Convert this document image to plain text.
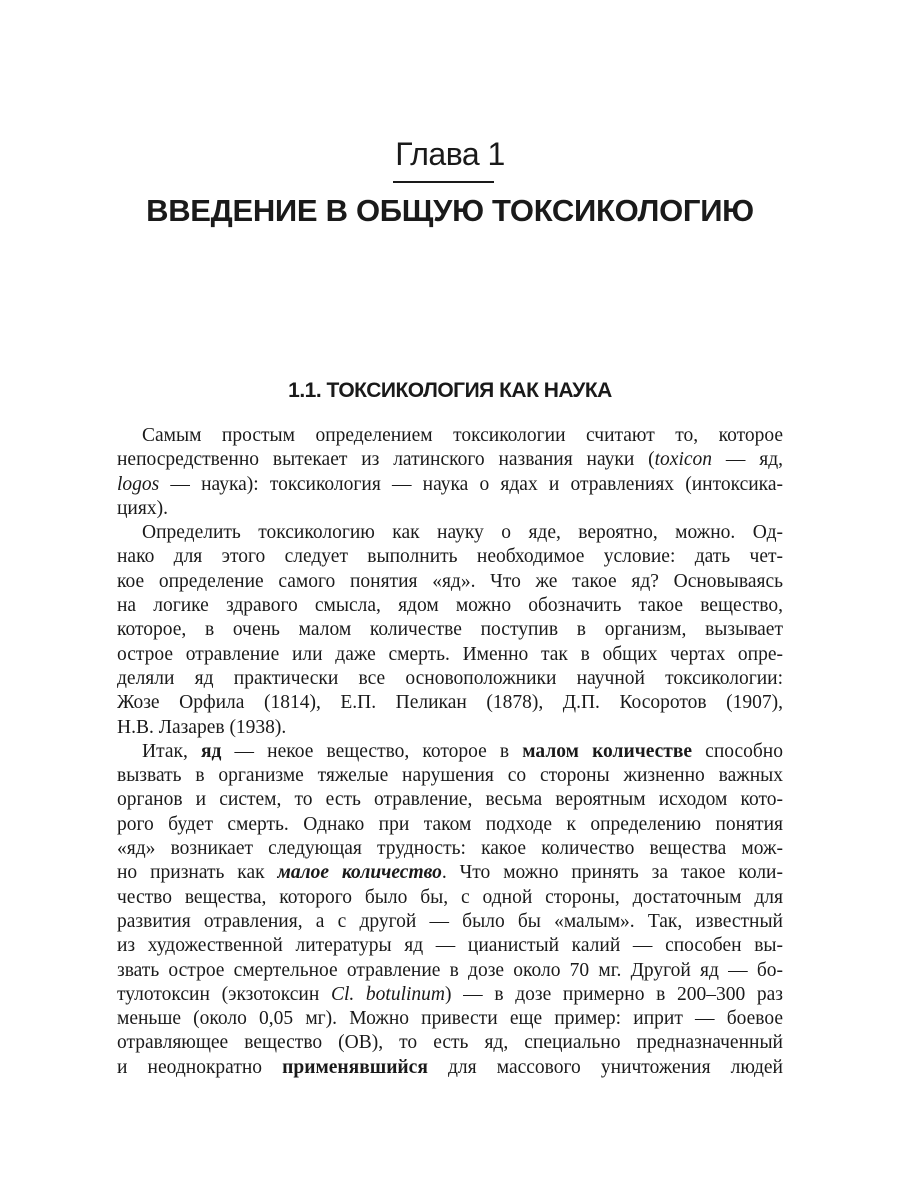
Глава 1
ВВЕДЕНИЕ В ОБЩУЮ ТОКСИКОЛОГИЮ
1.1. ТОКСИКОЛОГИЯ КАК НАУКА
Самым простым определением токсикологии считают то, которое
непосредственно вытекает из латинского названия науки (toxicon — яд,
logos — наука): токсикология — наука о ядах и отравлениях (интоксика-
циях).
Определить токсикологию как науку о яде, вероятно, можно. Од-
нако для этого следует выполнить необходимое условие: дать чет-
кое определение самого понятия «яд». Что же такое яд? Основываясь
на логике здравого смысла, ядом можно обозначить такое вещество,
которое, в очень малом количестве поступив в организм, вызывает
острое отравление или даже смерть. Именно так в общих чертах опре-
деляли яд практически все основоположники научной токсикологии:
Жозе Орфила (1814), Е.П. Пеликан (1878), Д.П. Косоротов (1907),
Н.В. Лазарев (1938).
Итак, яд — некое вещество, которое в малом количестве способно
вызвать в организме тяжелые нарушения со стороны жизненно важных
органов и систем, то есть отравление, весьма вероятным исходом кото-
рого будет смерть. Однако при таком подходе к определению понятия
«яд» возникает следующая трудность: какое количество вещества мож-
но признать как малое количество. Что можно принять за такое коли-
чество вещества, которого было бы, с одной стороны, достаточным для
развития отравления, а с другой — было бы «малым». Так, известный
из художественной литературы яд — цианистый калий — способен вы-
звать острое смертельное отравление в дозе около 70 мг. Другой яд — бо-
тулотоксин (экзотоксин Cl. botulinum) — в дозе примерно в 200–300 раз
меньше (около 0,05 мг). Можно привести еще пример: иприт — боевое
отравляющее вещество (ОВ), то есть яд, специально предназначенный
и неоднократно применявшийся для массового уничтожения людей
